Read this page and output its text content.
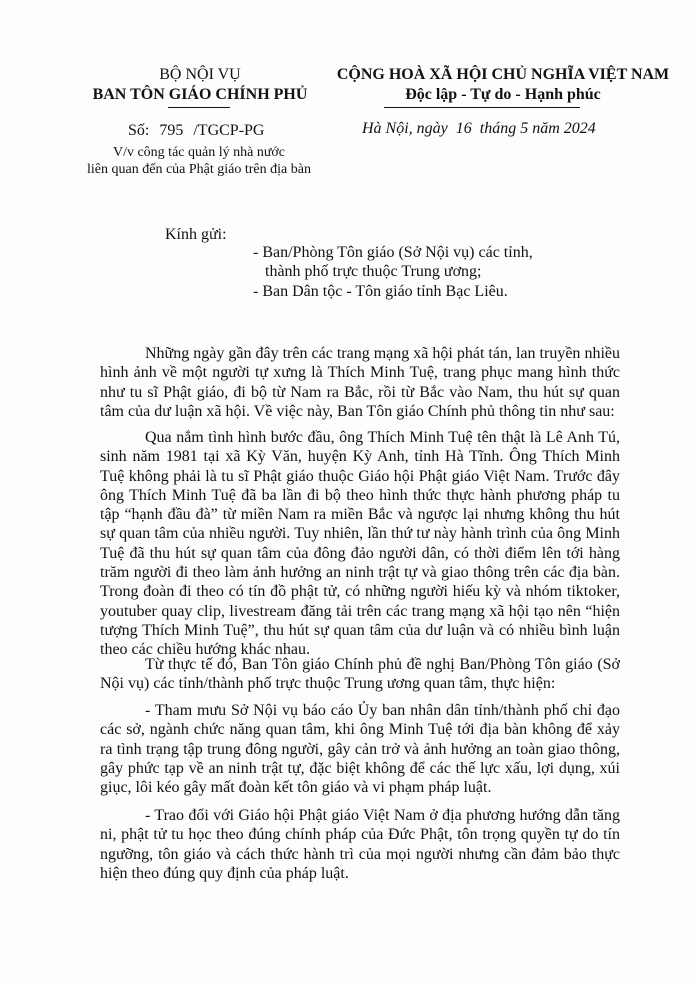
BỘ NỘI VỤ
BAN TÔN GIÁO CHÍNH PHỦ
Số: 795 /TGCP-PG
V/v công tác quản lý nhà nước
liên quan đến của Phật giáo trên địa bàn
CỘNG HOÀ XÃ HỘI CHỦ NGHĨA VIỆT NAM
Độc lập - Tự do - Hạnh phúc
Hà Nội, ngày  16  tháng 5 năm 2024
Kính gửi:
- Ban/Phòng Tôn giáo (Sở Nội vụ) các tỉnh,
thành phố trực thuộc Trung ương;
- Ban Dân tộc - Tôn giáo tỉnh Bạc Liêu.
Những ngày gần đây trên các trang mạng xã hội phát tán, lan truyền nhiều
hình ảnh về một người tự xưng là Thích Minh Tuệ, trang phục mang hình thức
như tu sĩ Phật giáo, đi bộ từ Nam ra Bắc, rồi từ Bắc vào Nam, thu hút sự quan
tâm của dư luận xã hội. Về việc này, Ban Tôn giáo Chính phủ thông tin như sau:
Qua nắm tình hình bước đầu, ông Thích Minh Tuệ tên thật là Lê Anh Tú,
sinh năm 1981 tại xã Kỳ Văn, huyện Kỳ Anh, tỉnh Hà Tĩnh. Ông Thích Minh
Tuệ không phải là tu sĩ Phật giáo thuộc Giáo hội Phật giáo Việt Nam. Trước đây
ông Thích Minh Tuệ đã ba lần đi bộ theo hình thức thực hành phương pháp tu
tập “hạnh đầu đà” từ miền Nam ra miền Bắc và ngược lại nhưng không thu hút
sự quan tâm của nhiều người. Tuy nhiên, lần thứ tư này hành trình của ông Minh
Tuệ đã thu hút sự quan tâm của đông đảo người dân, có thời điểm lên tới hàng
trăm người đi theo làm ảnh hưởng an ninh trật tự và giao thông trên các địa bàn.
Trong đoàn đi theo có tín đồ phật tử, có những người hiếu kỳ và nhóm tiktoker,
youtuber quay clip, livestream đăng tải trên các trang mạng xã hội tạo nên “hiện
tượng Thích Minh Tuệ”, thu hút sự quan tâm của dư luận và có nhiều bình luận
theo các chiều hướng khác nhau.
Từ thực tế đó, Ban Tôn giáo Chính phủ đề nghị Ban/Phòng Tôn giáo (Sở
Nội vụ) các tỉnh/thành phố trực thuộc Trung ương quan tâm, thực hiện:
- Tham mưu Sở Nội vụ báo cáo Ủy ban nhân dân tỉnh/thành phố chỉ đạo
các sở, ngành chức năng quan tâm, khi ông Minh Tuệ tới địa bàn không để xảy
ra tình trạng tập trung đông người, gây cản trở và ảnh hưởng an toàn giao thông,
gây phức tạp về an ninh trật tự, đặc biệt không để các thế lực xấu, lợi dụng, xúi
giục, lôi kéo gây mất đoàn kết tôn giáo và vi phạm pháp luật.
- Trao đổi với Giáo hội Phật giáo Việt Nam ở địa phương hướng dẫn tăng
ni, phật tử tu học theo đúng chính pháp của Đức Phật, tôn trọng quyền tự do tín
ngưỡng, tôn giáo và cách thức hành trì của mọi người nhưng cần đảm bảo thực
hiện theo đúng quy định của pháp luật.
